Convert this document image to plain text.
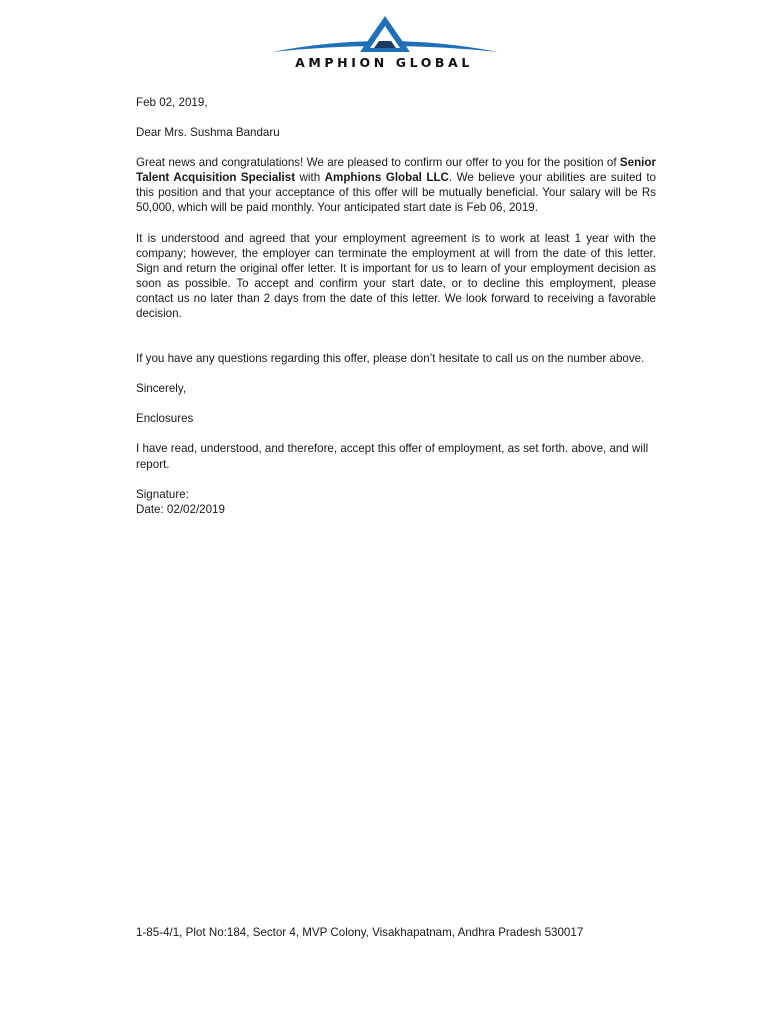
AMPHION GLOBAL

Feb 02, 2019,

Dear Mrs. Sushma Bandaru

Great news and congratulations! We are pleased to confirm our offer to you for the position of Senior Talent Acquisition Specialist with Amphions Global LLC. We believe your abilities are suited to this position and that your acceptance of this offer will be mutually beneficial. Your salary will be Rs 50,000, which will be paid monthly. Your anticipated start date is Feb 06, 2019.

It is understood and agreed that your employment agreement is to work at least 1 year with the company; however, the employer can terminate the employment at will from the date of this letter. Sign and return the original offer letter. It is important for us to learn of your employment decision as soon as possible. To accept and confirm your start date, or to decline this employment, please contact us no later than 2 days from the date of this letter. We look forward to receiving a favorable decision.

If you have any questions regarding this offer, please don’t hesitate to call us on the number above.

Sincerely,

Enclosures

I have read, understood, and therefore, accept this offer of employment, as set forth. above, and will report.

Signature:

Date: 02/02/2019

1-85-4/1, Plot No:184, Sector 4, MVP Colony, Visakhapatnam, Andhra Pradesh 530017
